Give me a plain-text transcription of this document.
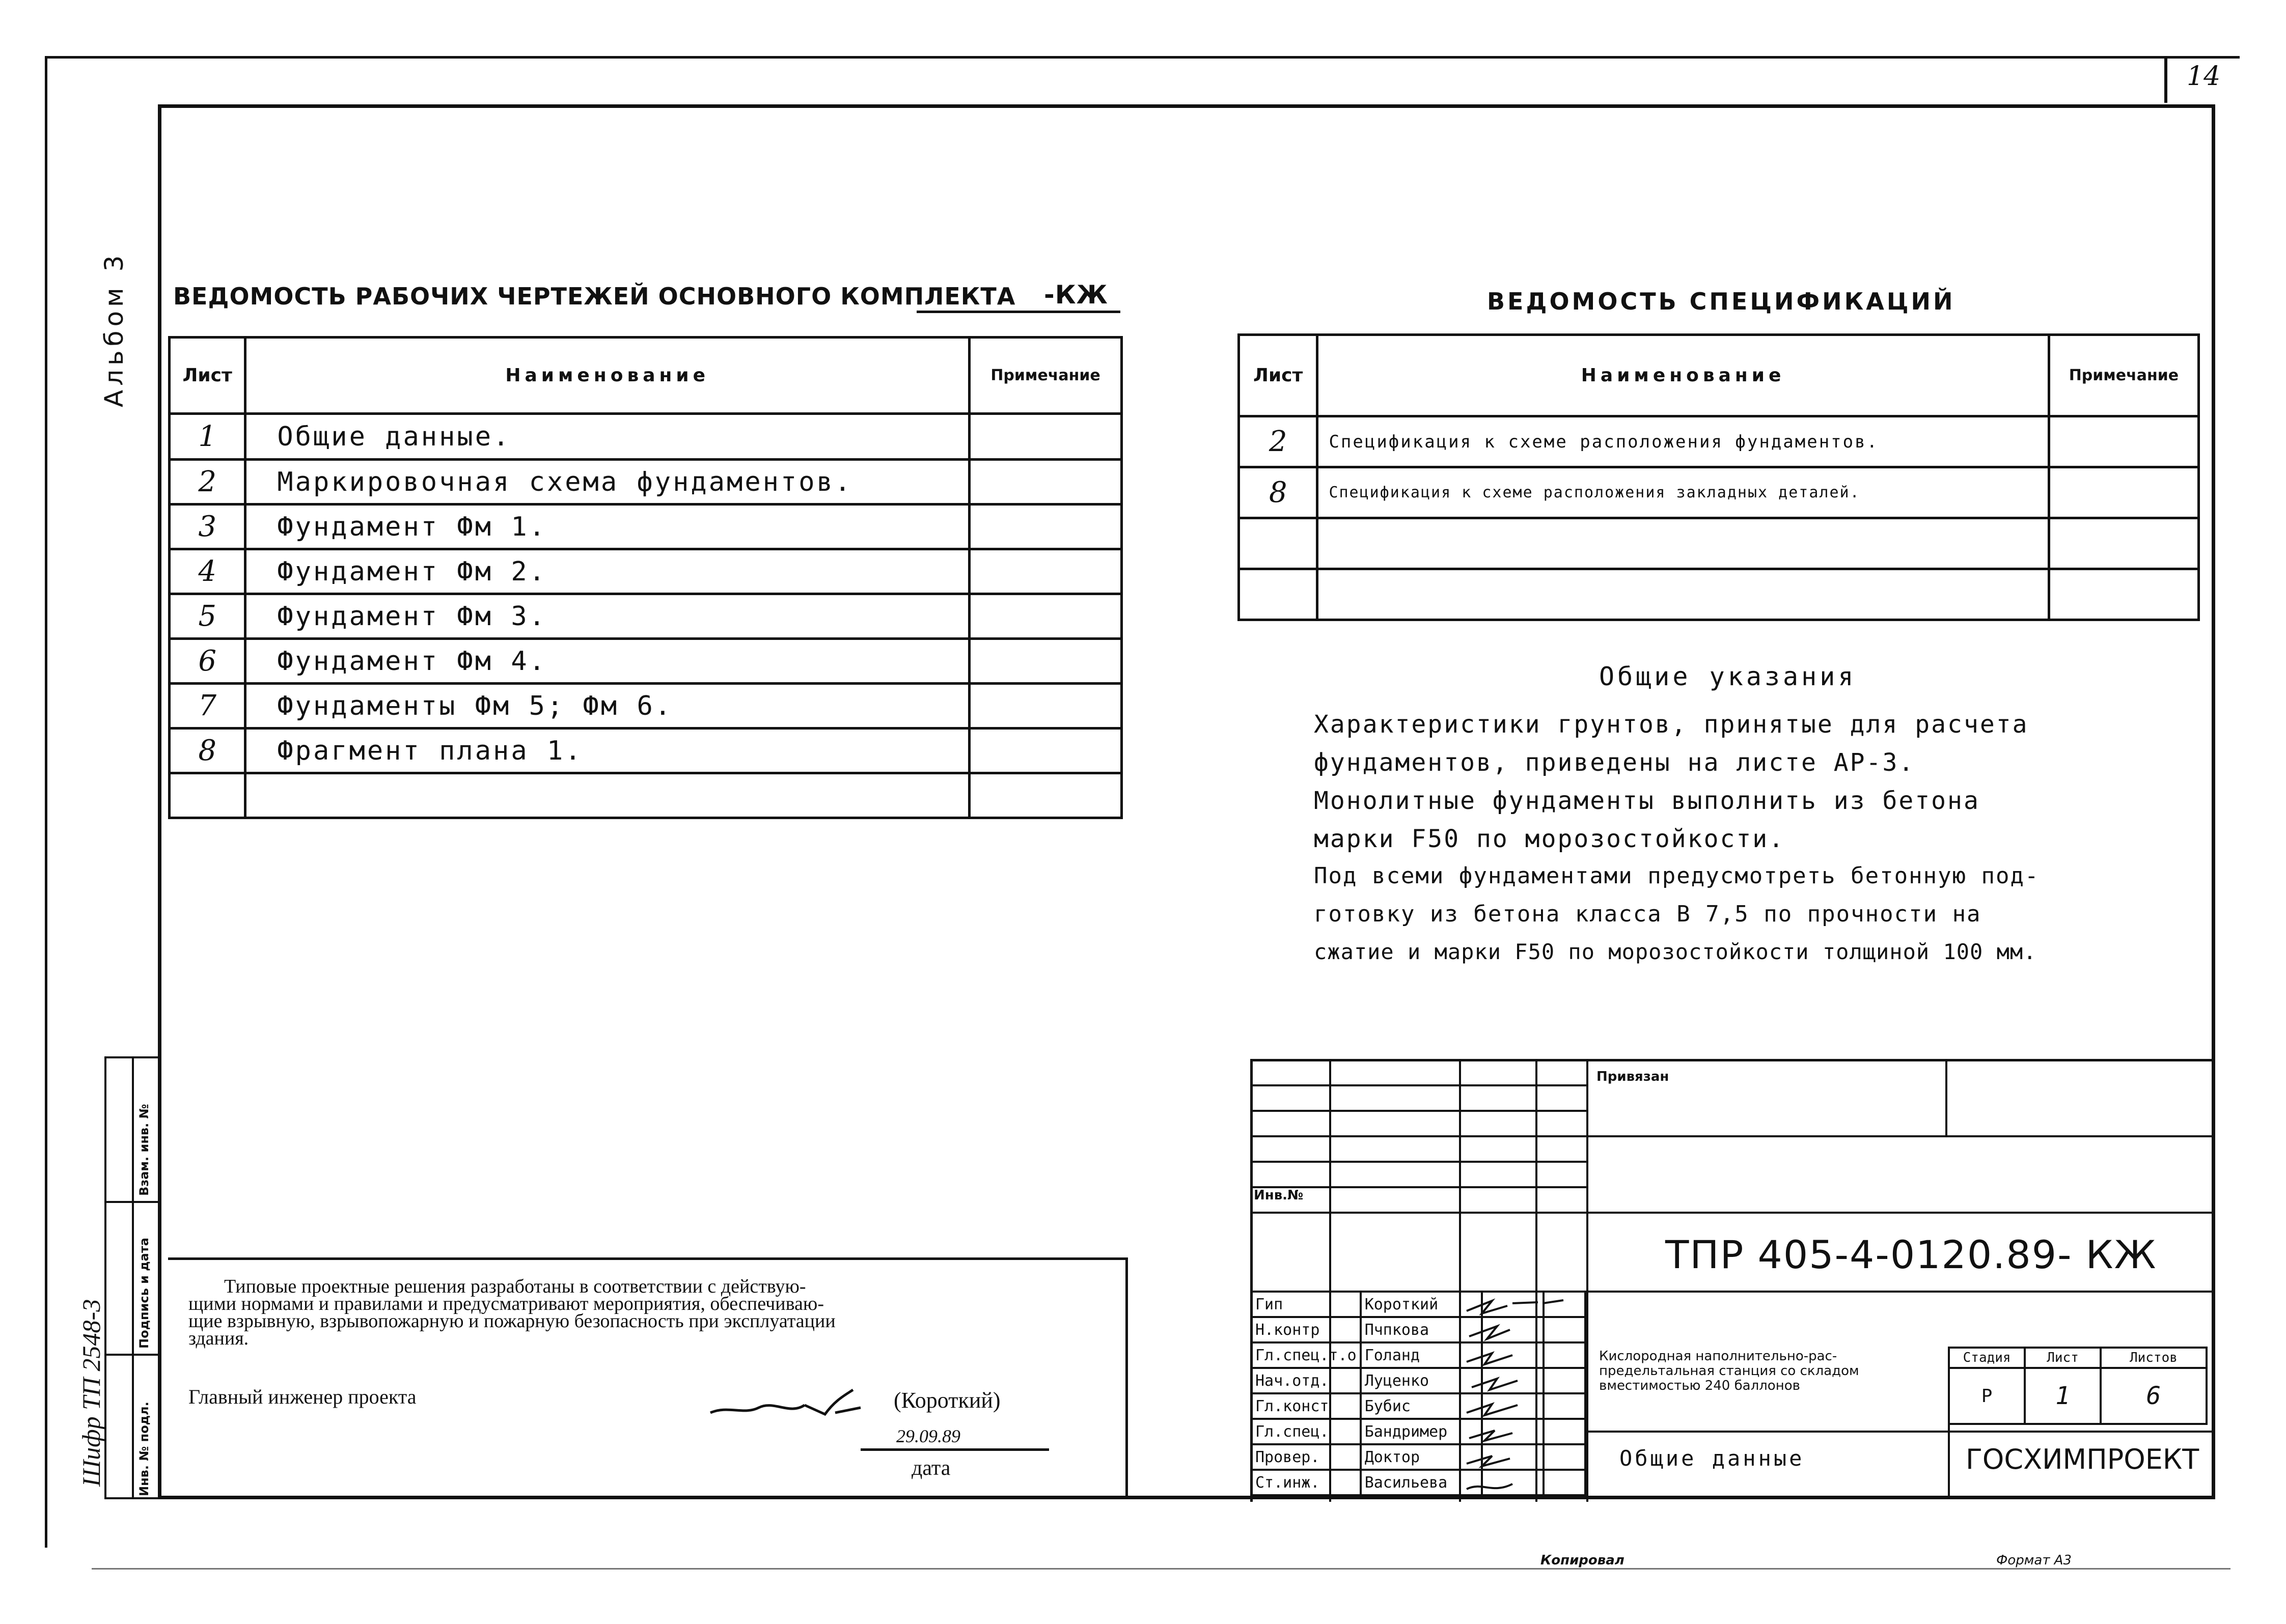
14
Альбом 3
Шифр ТП 2548-3	Инв. № подл.
Подпись и дата
Взам. инв. №
ВЕДОМОСТЬ РАБОЧИХ ЧЕРТЕЖЕЙ ОСНОВНОГО КОМПЛЕКТА -КЖ
Лист	Наименование	Примечание
1	Общие данные.	
2	Маркировочная схема фундаментов.	
3	Фундамент Фм 1.	
4	Фундамент Фм 2.	
5	Фундамент Фм 3.	
6	Фундамент Фм 4.	
7	Фундаменты Фм 5; Фм 6.	
8	Фрагмент плана 1.	

ВЕДОМОСТЬ СПЕЦИФИКАЦИЙ
Лист	Наименование	Примечание
2	Спецификация к схеме расположения фундаментов.	
8	Спецификация к схеме расположения закладных деталей.	

Общие указания
Характеристики грунтов, принятые для расчета
фундаментов, приведены на листе АР-3.
Монолитные фундаменты выполнить из бетона
марки F50 по морозостойкости.
Под всеми фундаментами предусмотреть бетонную под-
готовку из бетона класса В 7,5 по прочности на
сжатие и марки F50 по морозостойкости толщиной 100 мм.
Типовые проектные решения разработаны в соответствии с действую-
щими нормами и правилами и предусматривают мероприятия, обеспечиваю-
щие взрывную, взрывопожарную и пожарную безопасность при эксплуатации
здания.
Главный инженер проекта	(Короткий)
29.09.89
дата
Инв.№
Гип	Короткий		
Н.контр	Пчпкова		
Гл.спец.т.о	Голанд		
Нач.отд.	Луценко		
Гл.конст	Бубис		
Гл.спец.	Бандример		
Провер.	Доктор		
Ст.инж.	Васильева		
Привязан
ТПР 405-4-0120.89- КЖ
Кислородная наполнительно-рас-предельтальная станция со складом вместимостью 240 баллонов
Стадия	Лист	Листов
Р	1	6
Общие данные	ГОСХИМПРОЕКТ
Копировал	Формат А3
